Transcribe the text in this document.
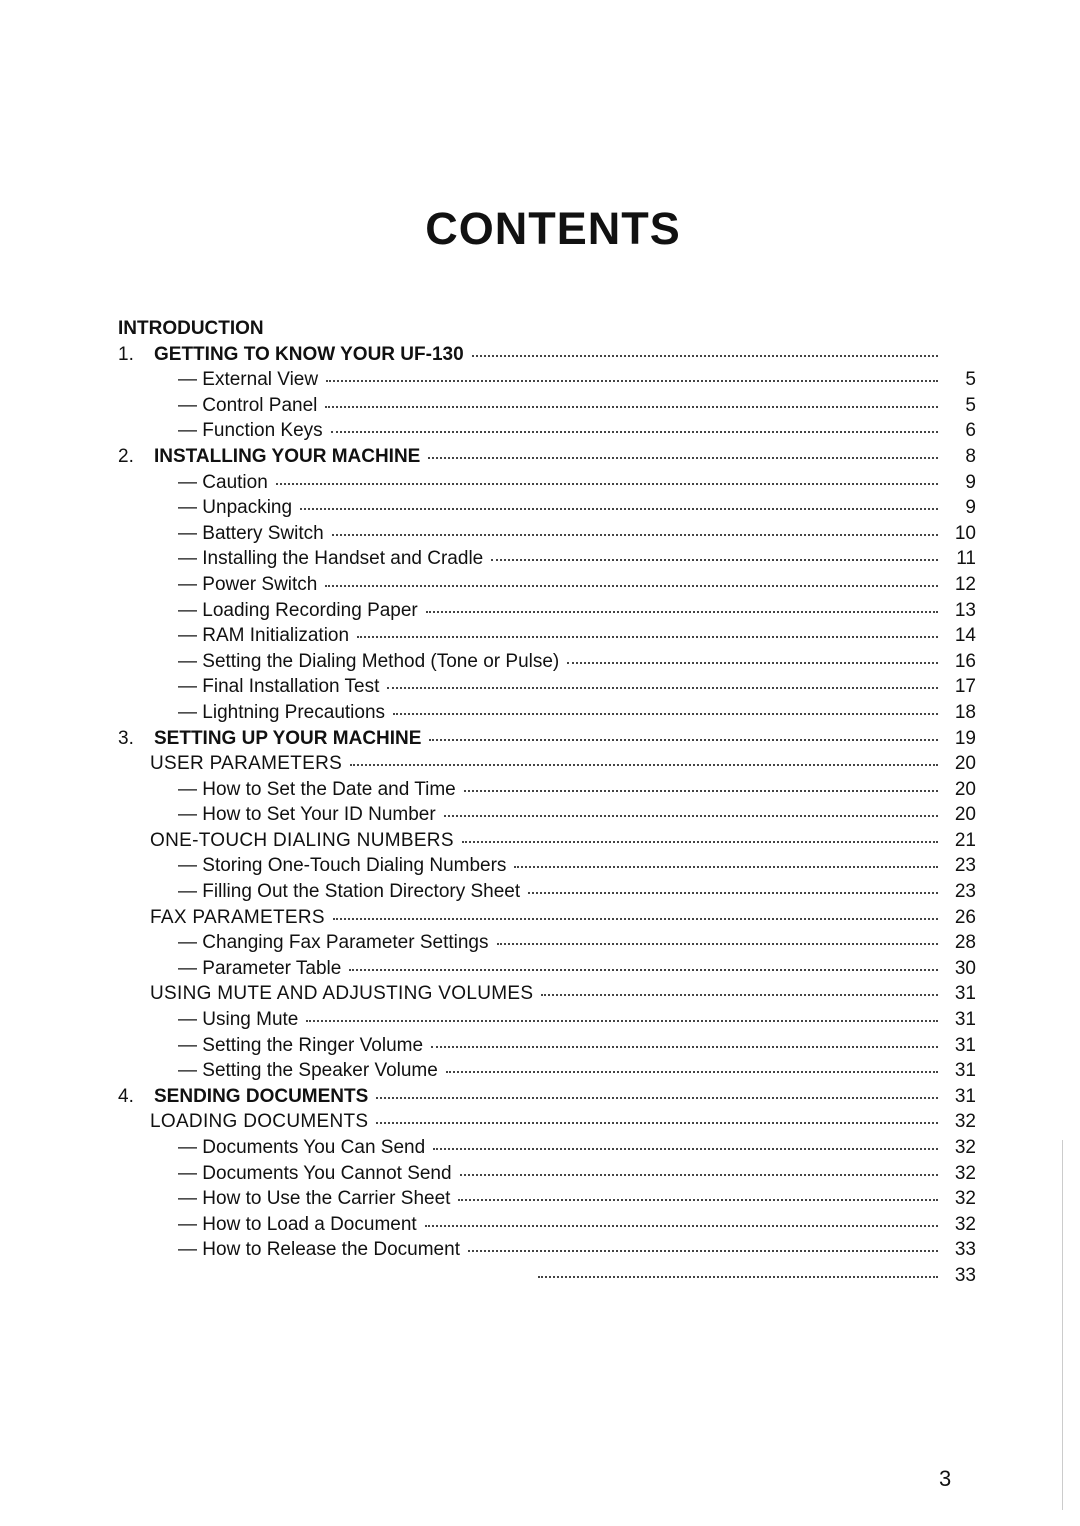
CONTENTS
INTRODUCTION
1.	GETTING TO KNOW YOUR UF-130
— External View	5
— Control Panel	5
— Function Keys	6
2.	INSTALLING YOUR MACHINE	8
— Caution	9
— Unpacking	9
— Battery Switch	10
— Installing the Handset and Cradle	11
— Power Switch	12
— Loading Recording Paper	13
— RAM Initialization	14
— Setting the Dialing Method (Tone or Pulse)	16
— Final Installation Test	17
— Lightning Precautions	18
3.	SETTING UP YOUR MACHINE	19
USER PARAMETERS	20
— How to Set the Date and Time	20
— How to Set Your ID Number	20
ONE-TOUCH DIALING NUMBERS	21
— Storing One-Touch Dialing Numbers	23
— Filling Out the Station Directory Sheet	23
FAX PARAMETERS	26
— Changing Fax Parameter Settings	28
— Parameter Table	30
USING MUTE AND ADJUSTING VOLUMES	31
— Using Mute	31
— Setting the Ringer Volume	31
— Setting the Speaker Volume	31
4.	SENDING DOCUMENTS	31
LOADING DOCUMENTS	32
— Documents You Can Send	32
— Documents You Cannot Send	32
— How to Use the Carrier Sheet	32
— How to Load a Document	32
— How to Release the Document	33
33
3
